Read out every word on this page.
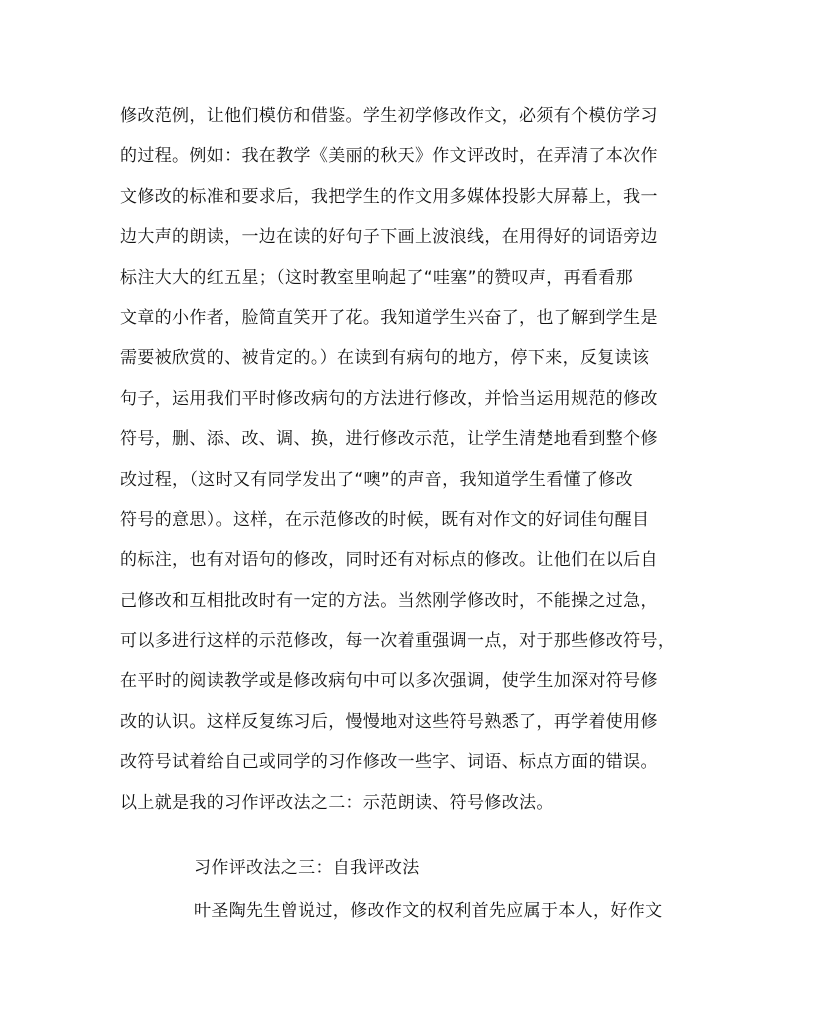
修改范例，让他们模仿和借鉴。学生初学修改作文，必须有个模仿学习
的过程。例如：我在教学《美丽的秋天》作文评改时，在弄清了本次作
文修改的标准和要求后，我把学生的作文用多媒体投影大屏幕上，我一
边大声的朗读，一边在读的好句子下画上波浪线，在用得好的词语旁边
标注大大的红五星；（这时教室里响起了“哇塞”的赞叹声，再看看那
文章的小作者，脸简直笑开了花。我知道学生兴奋了，也了解到学生是
需要被欣赏的、被肯定的。）在读到有病句的地方，停下来，反复读该
句子，运用我们平时修改病句的方法进行修改，并恰当运用规范的修改
符号，删、添、改、调、换，进行修改示范，让学生清楚地看到整个修
改过程，（这时又有同学发出了“噢”的声音，我知道学生看懂了修改
符号的意思）。这样，在示范修改的时候，既有对作文的好词佳句醒目
的标注，也有对语句的修改，同时还有对标点的修改。让他们在以后自
己修改和互相批改时有一定的方法。当然刚学修改时，不能操之过急，
可以多进行这样的示范修改，每一次着重强调一点，对于那些修改符号，
在平时的阅读教学或是修改病句中可以多次强调，使学生加深对符号修
改的认识。这样反复练习后，慢慢地对这些符号熟悉了，再学着使用修
改符号试着给自己或同学的习作修改一些字、词语、标点方面的错误。
以上就是我的习作评改法之二：示范朗读、符号修改法。
习作评改法之三：自我评改法
叶圣陶先生曾说过，修改作文的权利首先应属于本人，好作文
